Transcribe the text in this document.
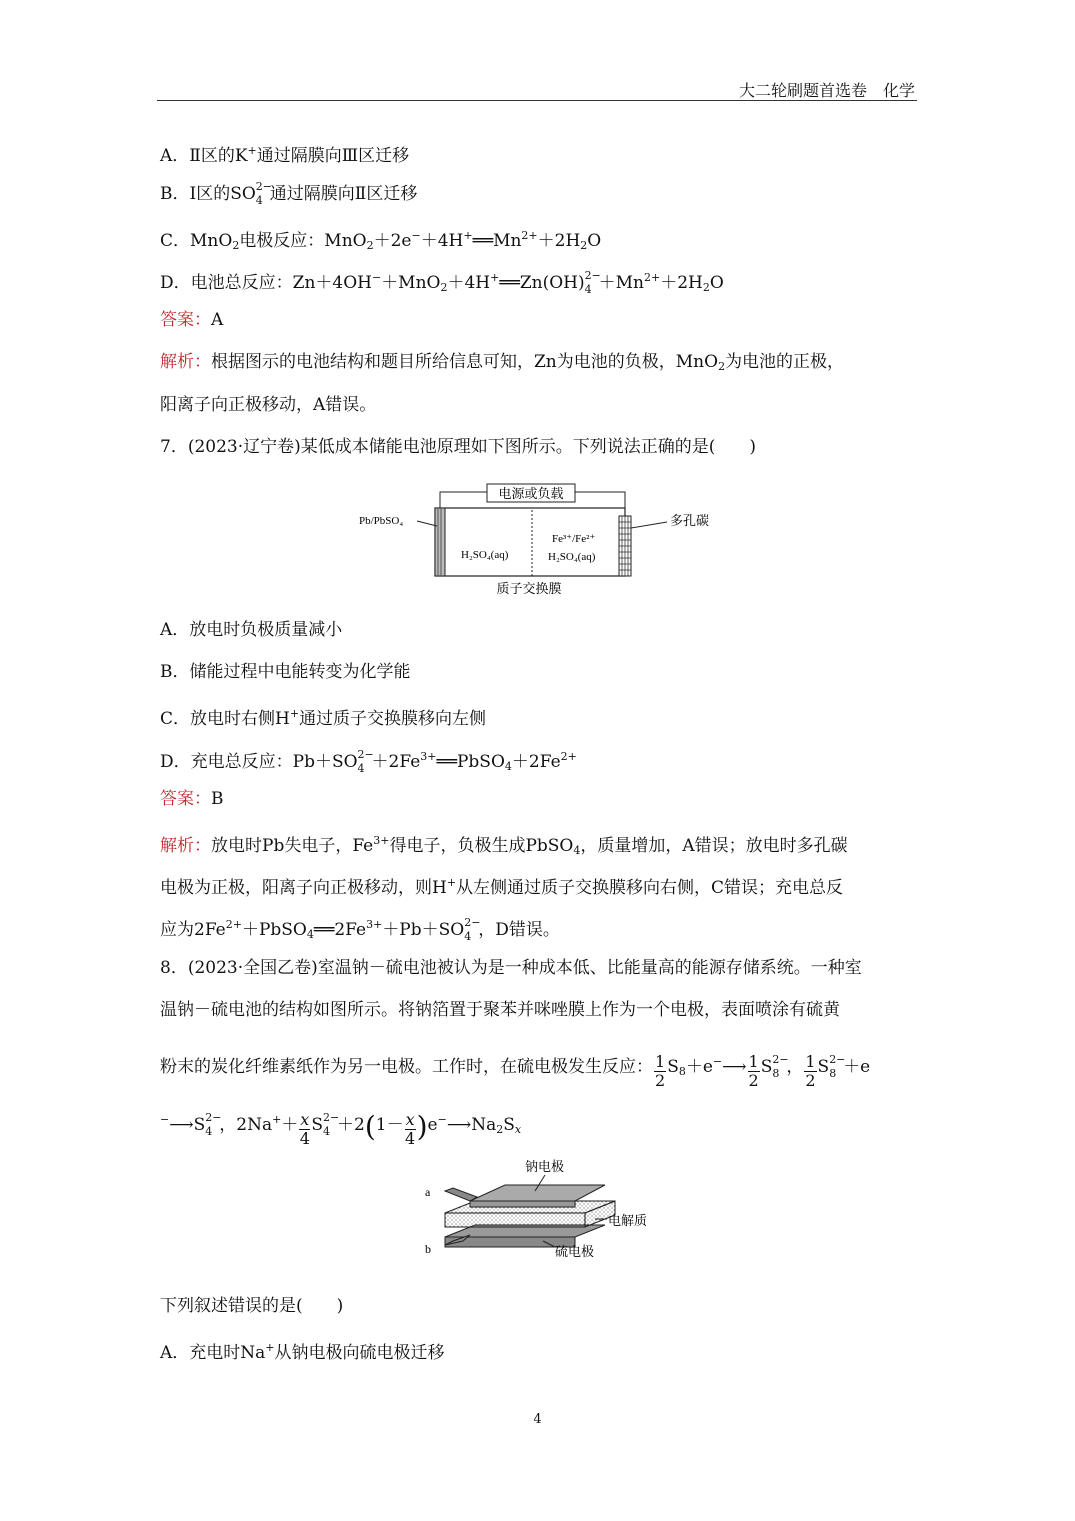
大二轮刷题首选卷　化学
A．Ⅱ区的K+通过隔膜向Ⅲ区迁移
B．Ⅰ区的SO 2−
4 通过隔膜向Ⅱ区迁移
C．MnO$_2$电极反应：$MnO_2+2e^-+4H^+══Mn^{2+}+2H_2O$
D．电池总反应：Zn＋4OH−＋MnO$_2$＋4H+══Zn(OH) 2−
$4 +Mn^{2+}+2H_2O$
答案：A
解析：根据图示的电池结构和题目所给信息可知，Zn为电池的负极，MnO$_2$为电池的正极，
阳离子向正极移动，A错误。
7．(2023·辽宁卷)某低成本储能电池原理如下图所示。下列说法正确的是(　　)
电源或负载
Pb/PbSO₄	多孔碳
H₂SO₄(aq)
Fe³⁺/Fe²⁺
H₂SO₄(aq)
质子交换膜
A．放电时负极质量减小
B．储能过程中电能转变为化学能
C．放电时右侧H+通过质子交换膜移向左侧
D．充电总反应：Pb＋SO 2−
$4 +2Fe^{3+}══PbSO_4+2Fe^{2+}$
答案：B
解析：放电时Pb失电子，$Fe^{3+}$得电子，负极生成PbSO$_4$，质量增加，A错误；放电时多孔碳
电极为正极，阳离子向正极移动，则H+从左侧通过质子交换膜移向右侧，C错误；充电总反
应为$2Fe^{2+}+PbSO_4══2Fe^{3+}+Pb+SO$ 2−
4 ，D错误。
8．(2023·全国乙卷)室温钠－硫电池被认为是一种成本低、比能量高的能源存储系统。一种室
温钠－硫电池的结构如图所示。将钠箔置于聚苯并咪唑膜上作为一个电极，表面喷涂有硫黄
粉末的炭化纤维素纸作为另一电极。工作时，在硫电极发生反应： $\frac{1}{2}$ $S_8+e^-⟶ \frac{1}{2}$ S 2−
8 ， $\frac{1}{2}$ S 2−
8 ＋e
−⟶S 2−
4 ，$2Na^++ \frac{x}{4}$ S 2−
$4 +2(1- \frac{x}{4}$ )$e^-⟶Na_2S_x$
a
b
钠电极
电解质
硫电极
下列叙述错误的是(　　)
A．充电时Na+从钠电极向硫电极迁移
4
